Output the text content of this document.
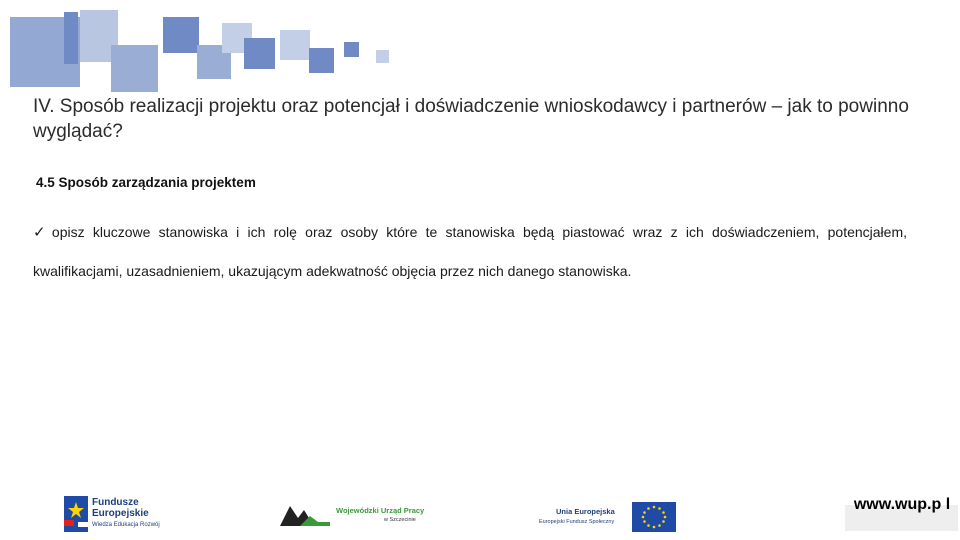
IV. Sposób realizacji projektu oraz potencjał i doświadczenie wnioskodawcy i partnerów – jak to powinno wyglądać?
4.5 Sposób zarządzania projektem
✓ opisz kluczowe stanowiska i ich rolę oraz osoby które te stanowiska będą piastować wraz z ich doświadczeniem, potencjałem, kwalifikacjami, uzasadnieniem, ukazującym adekwatność objęcia przez nich danego stanowiska.
Fundusze
Europejskie
Wiedza Edukacja Rozwój
Wojewódzki Urząd Pracy
w Szczecinie
Unia Europejska
Europejski Fundusz Społeczny
www.wup.p l
